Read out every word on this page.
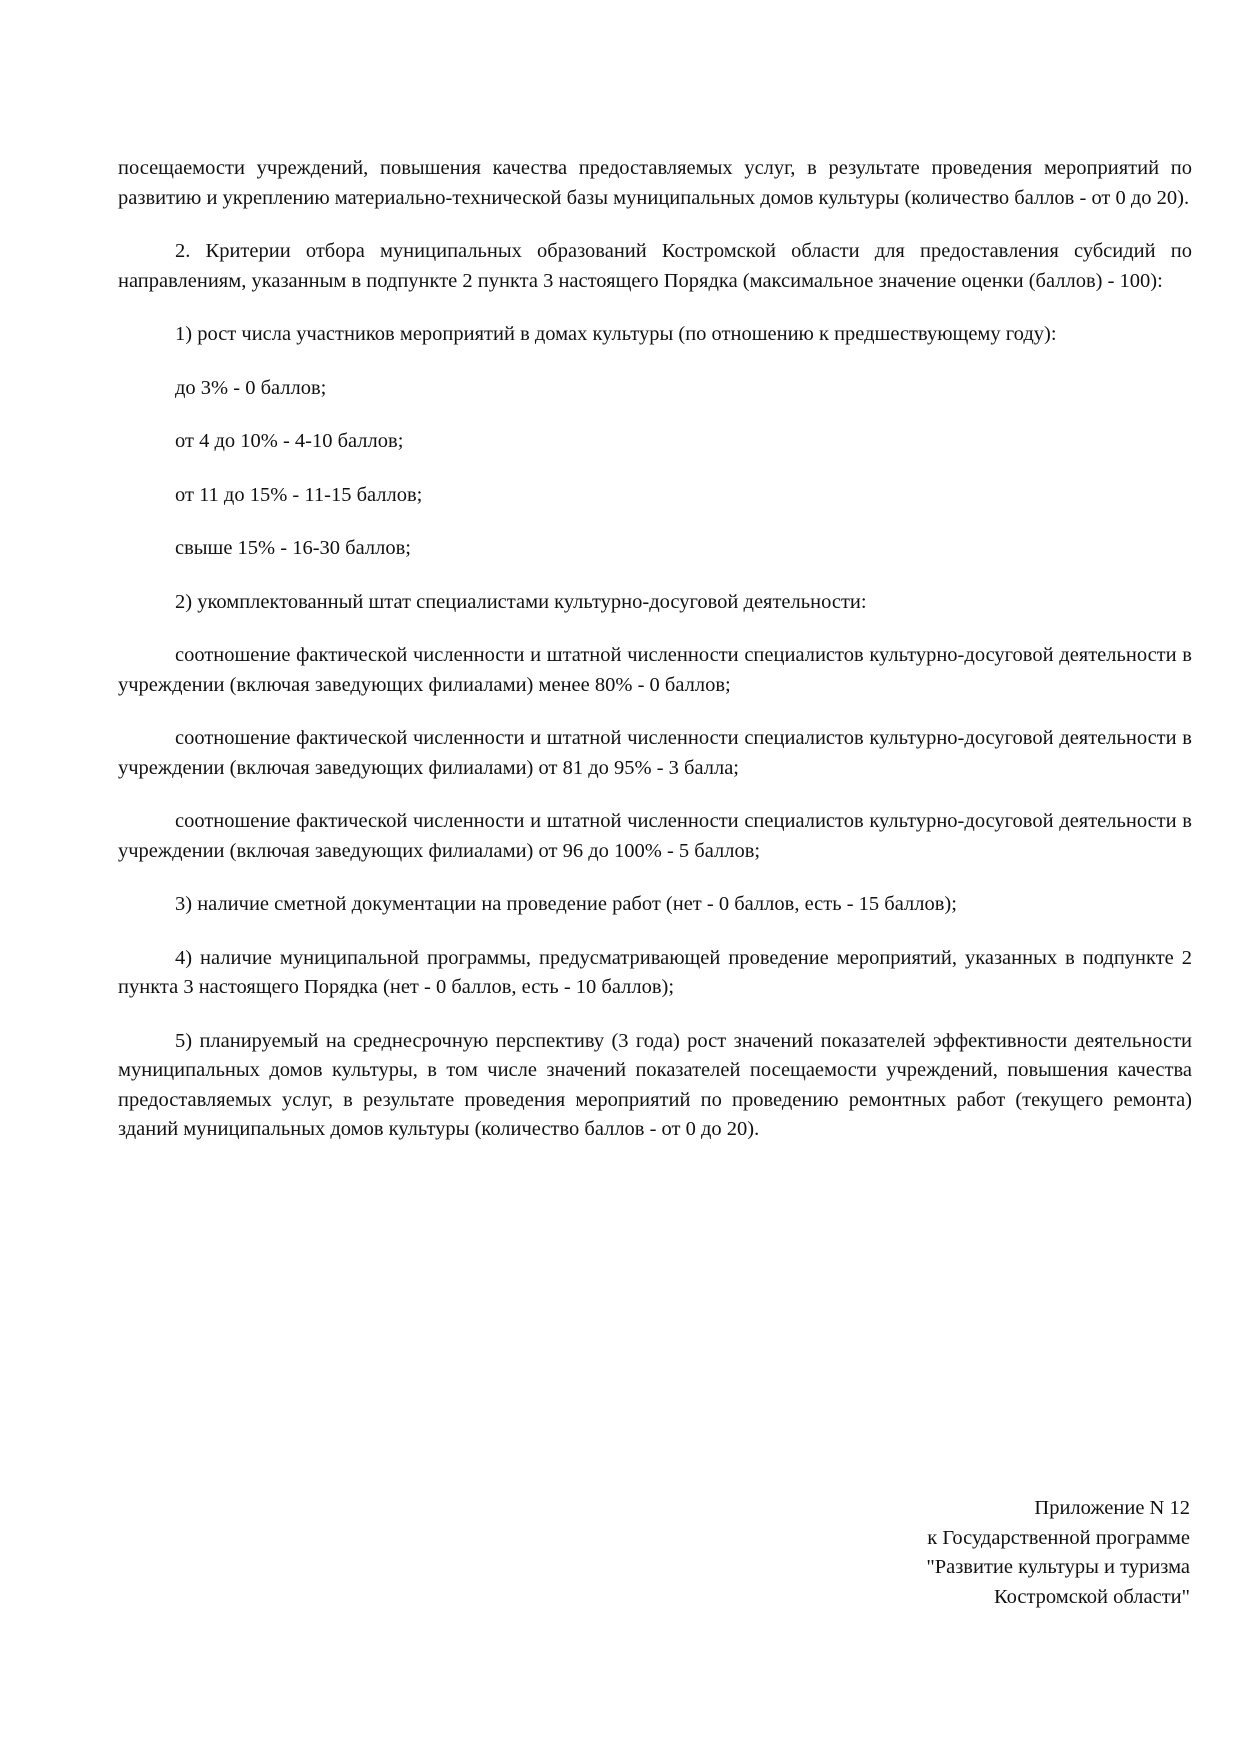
посещаемости учреждений, повышения качества предоставляемых услуг, в результате проведения мероприятий по развитию и укреплению материально-технической базы муниципальных домов культуры (количество баллов - от 0 до 20).

2. Критерии отбора муниципальных образований Костромской области для предоставления субсидий по направлениям, указанным в подпункте 2 пункта 3 настоящего Порядка (максимальное значение оценки (баллов) - 100):

1) рост числа участников мероприятий в домах культуры (по отношению к предшествующему году):

до 3% - 0 баллов;

от 4 до 10% - 4-10 баллов;

от 11 до 15% - 11-15 баллов;

свыше 15% - 16-30 баллов;

2) укомплектованный штат специалистами культурно-досуговой деятельности:

соотношение фактической численности и штатной численности специалистов культурно-досуговой деятельности в учреждении (включая заведующих филиалами) менее 80% - 0 баллов;

соотношение фактической численности и штатной численности специалистов культурно-досуговой деятельности в учреждении (включая заведующих филиалами) от 81 до 95% - 3 балла;

соотношение фактической численности и штатной численности специалистов культурно-досуговой деятельности в учреждении (включая заведующих филиалами) от 96 до 100% - 5 баллов;

3) наличие сметной документации на проведение работ (нет - 0 баллов, есть - 15 баллов);

4) наличие муниципальной программы, предусматривающей проведение мероприятий, указанных в подпункте 2 пункта 3 настоящего Порядка (нет - 0 баллов, есть - 10 баллов);

5) планируемый на среднесрочную перспективу (3 года) рост значений показателей эффективности деятельности муниципальных домов культуры, в том числе значений показателей посещаемости учреждений, повышения качества предоставляемых услуг, в результате проведения мероприятий по проведению ремонтных работ (текущего ремонта) зданий муниципальных домов культуры (количество баллов - от 0 до 20).

Приложение N 12
к Государственной программе
"Развитие культуры и туризма
Костромской области"
